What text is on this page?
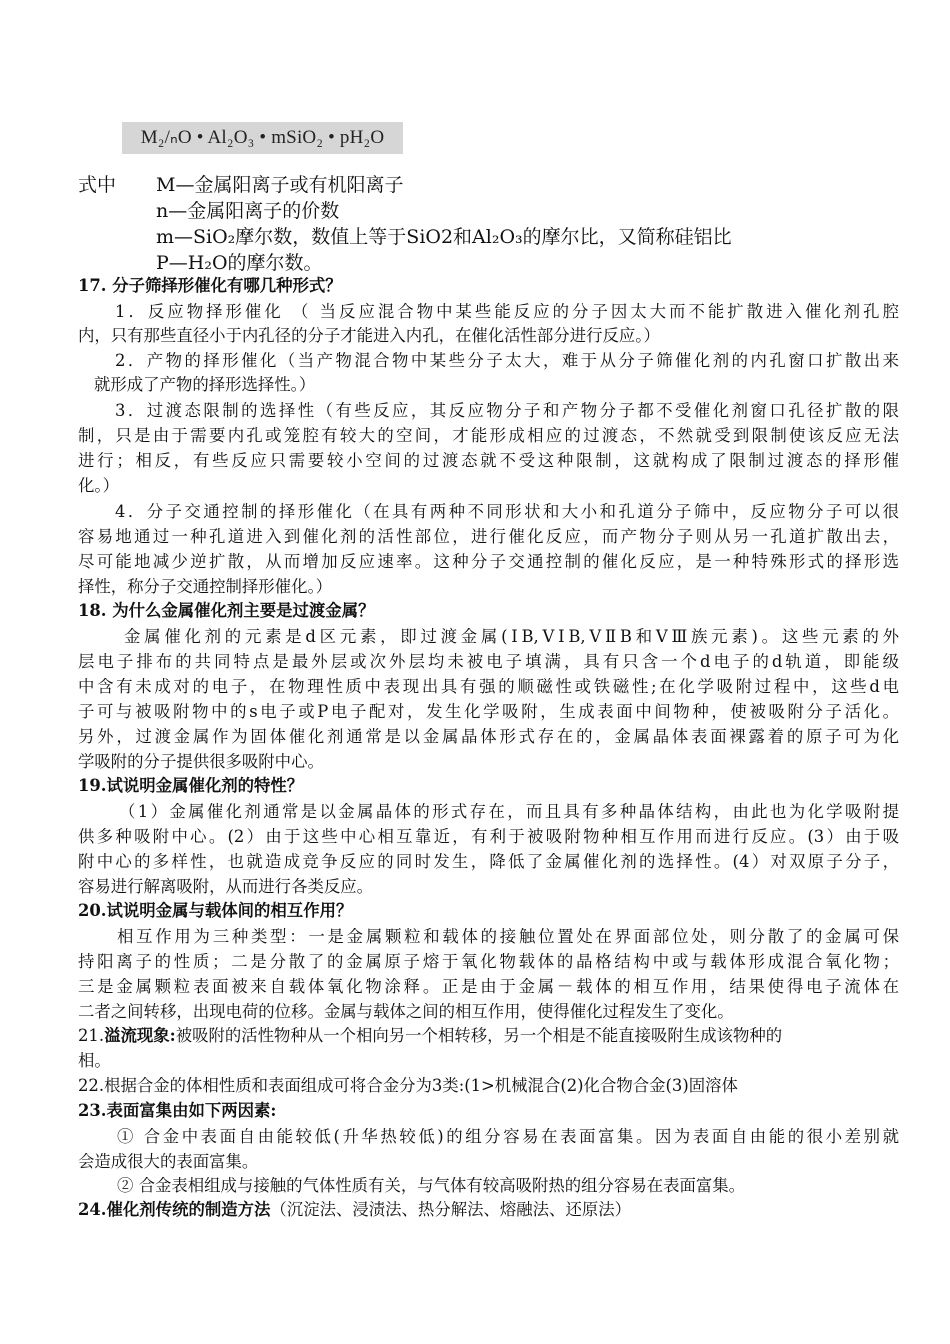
M₂/ₙO • Al₂O₃ • mSiO₂ • pH₂O
式中 M—金属阳离子或有机阳离子
n—金属阳离子的价数
m—SiO₂摩尔数，数值上等于SiO2和Al₂O₃的摩尔比，又简称硅铝比
P—H₂O的摩尔数。
17. 分子筛择形催化有哪几种形式？
1．反应物择形催化 （ 当反应混合物中某些能反应的分子因太大而不能扩散进入催化剂孔腔
内，只有那些直径小于内孔径的分子才能进入内孔，在催化活性部分进行反应。）
2．产物的择形催化（当产物混合物中某些分子太大，难于从分子筛催化剂的内孔窗口扩散出来
就形成了产物的择形选择性。）
3．过渡态限制的选择性（有些反应，其反应物分子和产物分子都不受催化剂窗口孔径扩散的限
制，只是由于需要内孔或笼腔有较大的空间，才能形成相应的过渡态，不然就受到限制使该反应无法
进行；相反，有些反应只需要较小空间的过渡态就不受这种限制，这就构成了限制过渡态的择形催
化。）
4．分子交通控制的择形催化（在具有两种不同形状和大小和孔道分子筛中，反应物分子可以很
容易地通过一种孔道进入到催化剂的活性部位，进行催化反应，而产物分子则从另一孔道扩散出去，
尽可能地减少逆扩散，从而增加反应速率。这种分子交通控制的催化反应，是一种特殊形式的择形选
择性，称分子交通控制择形催化。）
18. 为什么金属催化剂主要是过渡金属？
金属催化剂的元素是d区元素，即过渡金属(ⅠB,ⅤⅠB,ⅤⅡB和ⅤⅢ族元素)。这些元素的外
层电子排布的共同特点是最外层或次外层均未被电子填满，具有只含一个d电子的d轨道，即能级
中含有未成对的电子，在物理性质中表现出具有强的顺磁性或铁磁性;在化学吸附过程中，这些d电
子可与被吸附物中的s电子或P电子配对，发生化学吸附，生成表面中间物种，使被吸附分子活化。
另外，过渡金属作为固体催化剂通常是以金属晶体形式存在的，金属晶体表面裸露着的原子可为化
学吸附的分子提供很多吸附中心。
19.试说明金属催化剂的特性？
（1）金属催化剂通常是以金属晶体的形式存在，而且具有多种晶体结构，由此也为化学吸附提
供多种吸附中心。(2）由于这些中心相互靠近，有利于被吸附物种相互作用而进行反应。(3）由于吸
附中心的多样性，也就造成竞争反应的同时发生，降低了金属催化剂的选择性。(4）对双原子分子，
容易进行解离吸附，从而进行各类反应。
20.试说明金属与载体间的相互作用？
相互作用为三种类型：一是金属颗粒和载体的接触位置处在界面部位处，则分散了的金属可保
持阳离子的性质；二是分散了的金属原子熔于氧化物载体的晶格结构中或与载体形成混合氧化物；
三是金属颗粒表面被来自载体氧化物涂释。正是由于金属－载体的相互作用，结果使得电子流体在
二者之间转移，出现电荷的位移。金属与载体之间的相互作用，使得催化过程发生了变化。
21.溢流现象:被吸附的活性物种从一个相向另一个相转移，另一个相是不能直接吸附生成该物种的
相。
22.根据合金的体相性质和表面组成可将合金分为3类:(1>机械混合(2)化合物合金(3)固溶体
23.表面富集由如下两因素:
① 合金中表面自由能较低(升华热较低)的组分容易在表面富集。因为表面自由能的很小差别就
会造成很大的表面富集。
② 合金表相组成与接触的气体性质有关，与气体有较高吸附热的组分容易在表面富集。
24.催化剂传统的制造方法（沉淀法、浸渍法、热分解法、熔融法、还原法）
